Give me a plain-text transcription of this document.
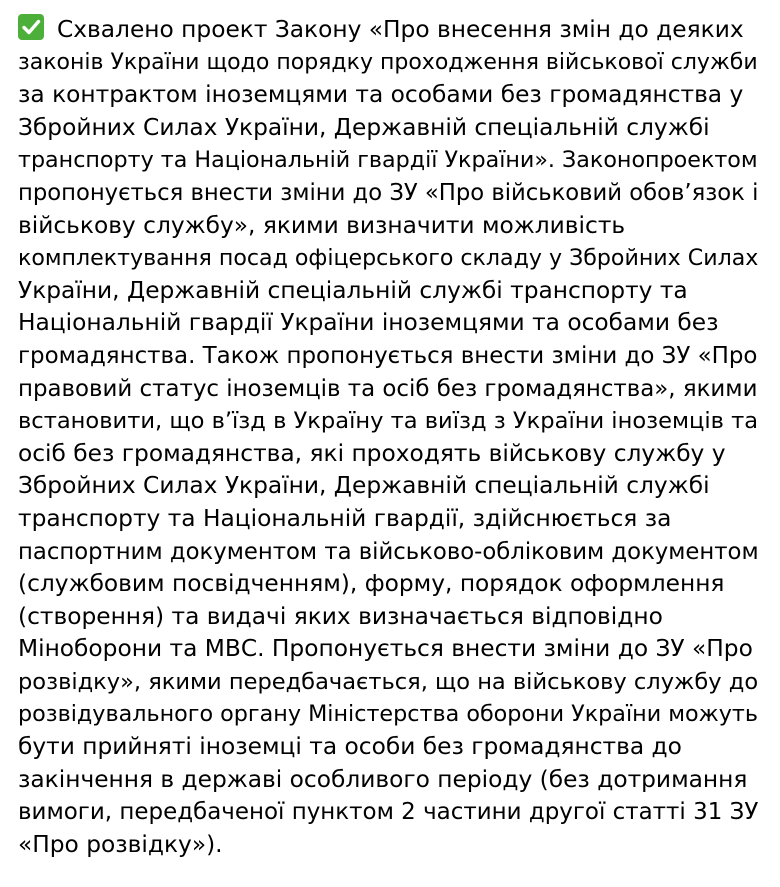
Схвалено проект Закону «Про внесення змін до деяких
законів України щодо порядку проходження військової служби
за контрактом іноземцями та особами без громадянства у
Збройних Силах України, Державній спеціальній службі
транспорту та Національній гвардії України». Законопроектом
пропонується внести зміни до ЗУ «Про військовий обов’язок і
військову службу», якими визначити можливість
комплектування посад офіцерського складу у Збройних Силах
України, Державній спеціальній службі транспорту та
Національній гвардії України іноземцями та особами без
громадянства. Також пропонується внести зміни до ЗУ «Про
правовий статус іноземців та осіб без громадянства», якими
встановити, що в’їзд в Україну та виїзд з України іноземців та
осіб без громадянства, які проходять військову службу у
Збройних Силах України, Державній спеціальній службі
транспорту та Національній гвардії, здійснюється за
паспортним документом та військово-обліковим документом
(службовим посвідченням), форму, порядок оформлення
(створення) та видачі яких визначається відповідно
Міноборони та МВС. Пропонується внести зміни до ЗУ «Про
розвідку», якими передбачається, що на військову службу до
розвідувального органу Міністерства оборони України можуть
бути прийняті іноземці та особи без громадянства до
закінчення в державі особливого періоду (без дотримання
вимоги, передбаченої пунктом 2 частини другої статті 31 ЗУ
«Про розвідку»).
